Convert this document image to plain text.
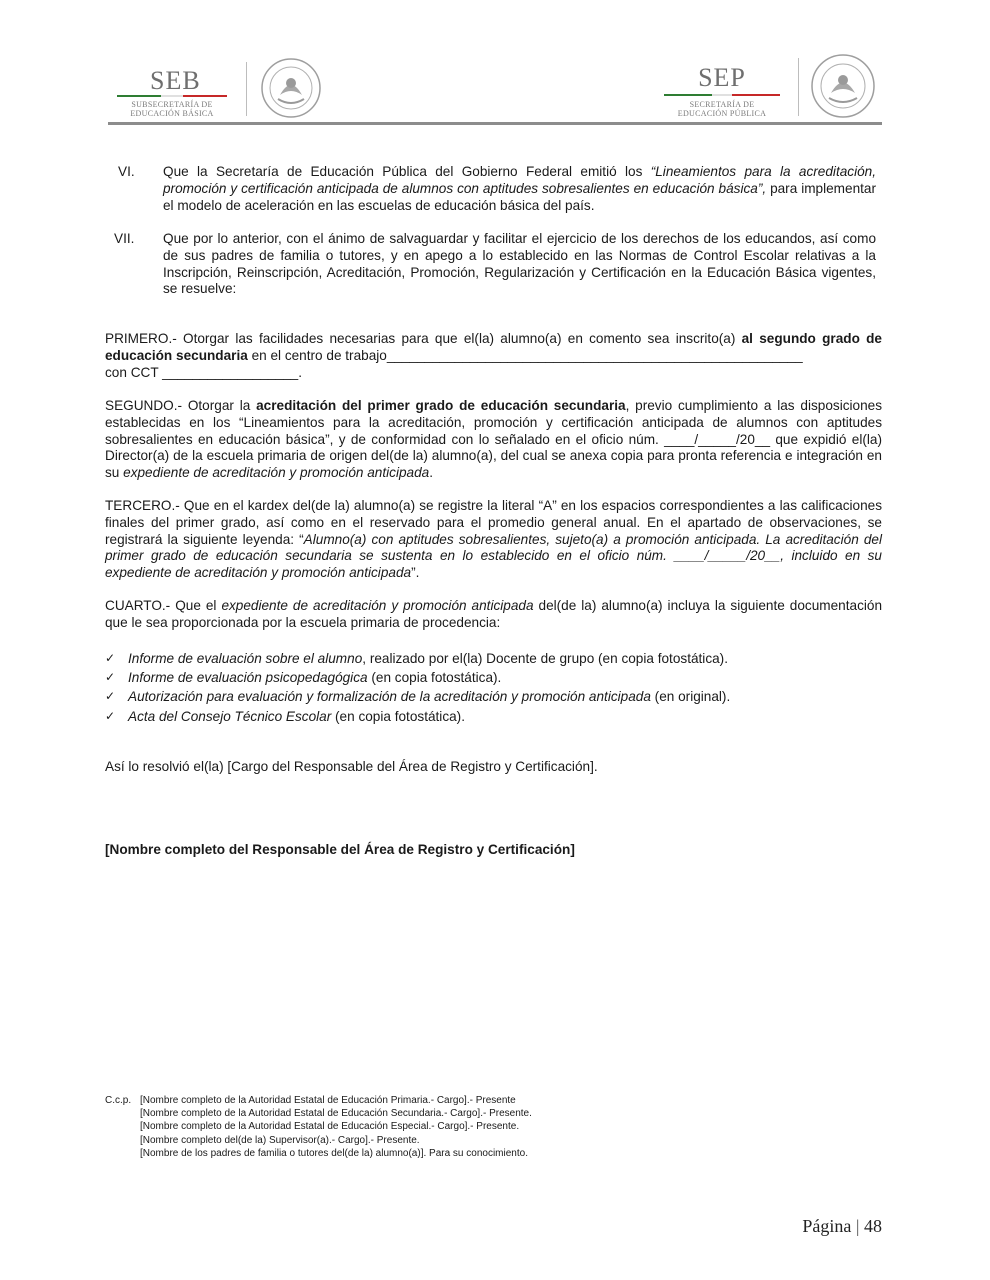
SEB
SUBSECRETARÍA DE
EDUCACIÓN BÁSICA
SEP
SECRETARÍA DE
EDUCACIÓN PÚBLICA
VI. Que la Secretaría de Educación Pública del Gobierno Federal emitió los “Lineamientos para la acreditación, promoción y certificación anticipada de alumnos con aptitudes sobresalientes en educación básica”, para implementar el modelo de aceleración en las escuelas de educación básica del país.
VII. Que por lo anterior, con el ánimo de salvaguardar y facilitar el ejercicio de los derechos de los educandos, así como de sus padres de familia o tutores, y en apego a lo establecido en las Normas de Control Escolar relativas a la Inscripción, Reinscripción, Acreditación, Promoción, Regularización y Certificación en la Educación Básica vigentes, se resuelve:
PRIMERO.- Otorgar las facilidades necesarias para que el(la) alumno(a) en comento sea inscrito(a) al segundo grado de educación secundaria en el centro de trabajo_______________________________________________________
con CCT __________________.
SEGUNDO.- Otorgar la acreditación del primer grado de educación secundaria, previo cumplimiento a las disposiciones establecidas en los “Lineamientos para la acreditación, promoción y certificación anticipada de alumnos con aptitudes sobresalientes en educación básica”, y de conformidad con lo señalado en el oficio núm. ____/_____/20__ que expidió el(la) Director(a) de la escuela primaria de origen del(de la) alumno(a), del cual se anexa copia para pronta referencia e integración en su expediente de acreditación y promoción anticipada.
TERCERO.- Que en el kardex del(de la) alumno(a) se registre la literal “A” en los espacios correspondientes a las calificaciones finales del primer grado, así como en el reservado para el promedio general anual. En el apartado de observaciones, se registrará la siguiente leyenda: “Alumno(a) con aptitudes sobresalientes, sujeto(a) a promoción anticipada. La acreditación del primer grado de educación secundaria se sustenta en lo establecido en el oficio núm. ____/_____/20__, incluido en su expediente de acreditación y promoción anticipada”.
CUARTO.- Que el expediente de acreditación y promoción anticipada del(de la) alumno(a) incluya la siguiente documentación que le sea proporcionada por la escuela primaria de procedencia:
✓ Informe de evaluación sobre el alumno, realizado por el(la) Docente de grupo (en copia fotostática).
✓ Informe de evaluación psicopedagógica (en copia fotostática).
✓ Autorización para evaluación y formalización de la acreditación y promoción anticipada (en original).
✓ Acta del Consejo Técnico Escolar (en copia fotostática).
Así lo resolvió el(la) [Cargo del Responsable del Área de Registro y Certificación].
[Nombre completo del Responsable del Área de Registro y Certificación]
C.c.p. [Nombre completo de la Autoridad Estatal de Educación Primaria.- Cargo].- Presente
[Nombre completo de la Autoridad Estatal de Educación Secundaria.- Cargo].- Presente.
[Nombre completo de la Autoridad Estatal de Educación Especial.- Cargo].- Presente.
[Nombre completo del(de la) Supervisor(a).- Cargo].- Presente.
[Nombre de los padres de familia o tutores del(de la) alumno(a)]. Para su conocimiento.
Página | 48
